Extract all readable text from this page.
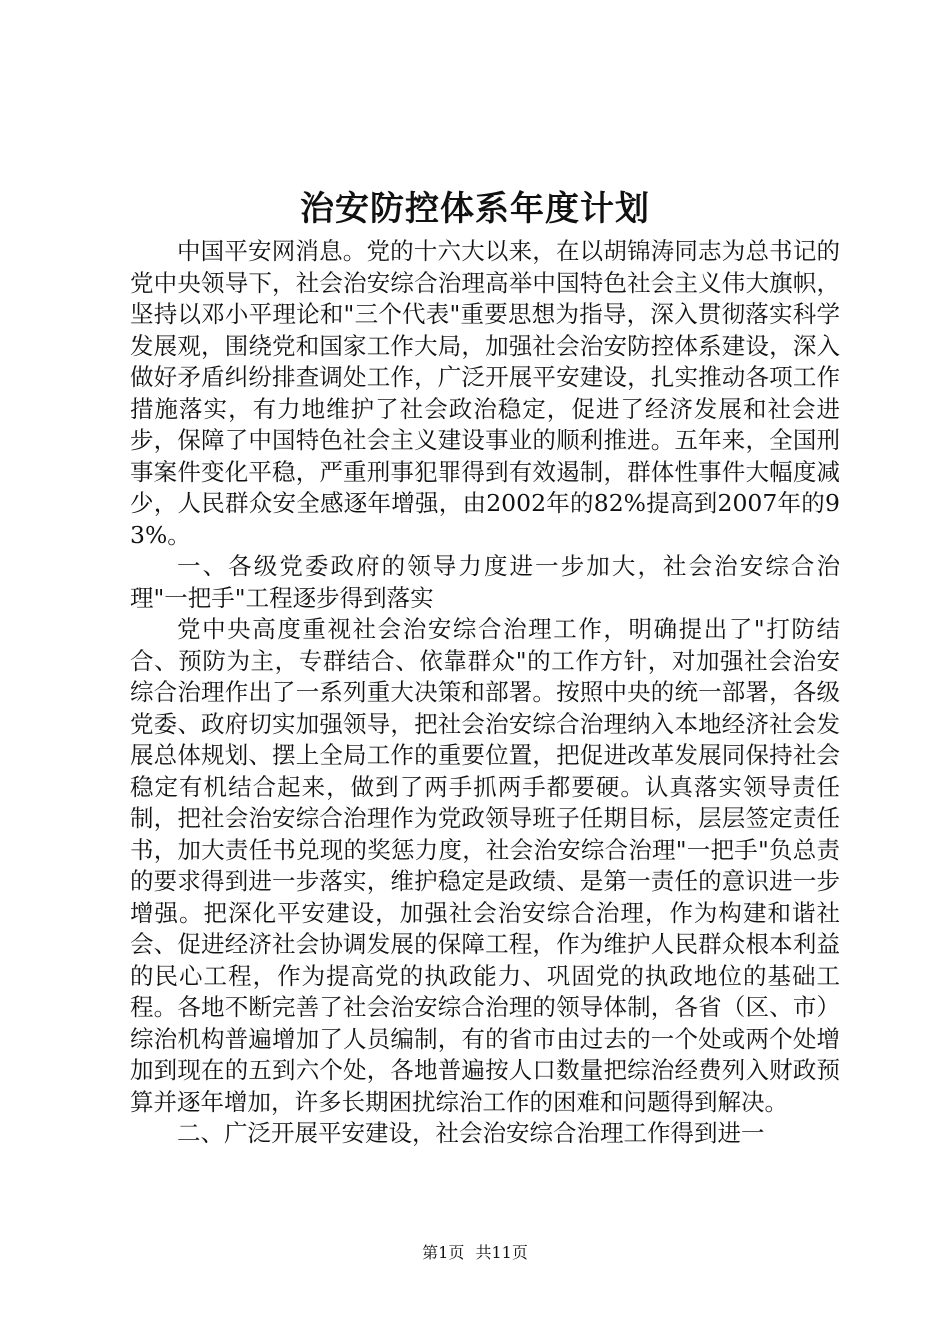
治安防控体系年度计划

中国平安网消息。党的十六大以来，在以胡锦涛同志为总书记的党中央领导下，社会治安综合治理高举中国特色社会主义伟大旗帜，坚持以邓小平理论和"三个代表"重要思想为指导，深入贯彻落实科学发展观，围绕党和国家工作大局，加强社会治安防控体系建设，深入做好矛盾纠纷排查调处工作，广泛开展平安建设，扎实推动各项工作措施落实，有力地维护了社会政治稳定，促进了经济发展和社会进步，保障了中国特色社会主义建设事业的顺利推进。五年来，全国刑事案件变化平稳，严重刑事犯罪得到有效遏制，群体性事件大幅度减少，人民群众安全感逐年增强，由2002年的82%提高到2007年的93%。

一、各级党委政府的领导力度进一步加大，社会治安综合治理"一把手"工程逐步得到落实

党中央高度重视社会治安综合治理工作，明确提出了"打防结合、预防为主，专群结合、依靠群众"的工作方针，对加强社会治安综合治理作出了一系列重大决策和部署。按照中央的统一部署，各级党委、政府切实加强领导，把社会治安综合治理纳入本地经济社会发展总体规划、摆上全局工作的重要位置，把促进改革发展同保持社会稳定有机结合起来，做到了两手抓两手都要硬。认真落实领导责任制，把社会治安综合治理作为党政领导班子任期目标，层层签定责任书，加大责任书兑现的奖惩力度，社会治安综合治理"一把手"负总责的要求得到进一步落实，维护稳定是政绩、是第一责任的意识进一步增强。把深化平安建设，加强社会治安综合治理，作为构建和谐社会、促进经济社会协调发展的保障工程，作为维护人民群众根本利益的民心工程，作为提高党的执政能力、巩固党的执政地位的基础工程。各地不断完善了社会治安综合治理的领导体制，各省（区、市）综治机构普遍增加了人员编制，有的省市由过去的一个处或两个处增加到现在的五到六个处，各地普遍按人口数量把综治经费列入财政预算并逐年增加，许多长期困扰综治工作的困难和问题得到解决。

二、广泛开展平安建设，社会治安综合治理工作得到进一

第1页 共11页
